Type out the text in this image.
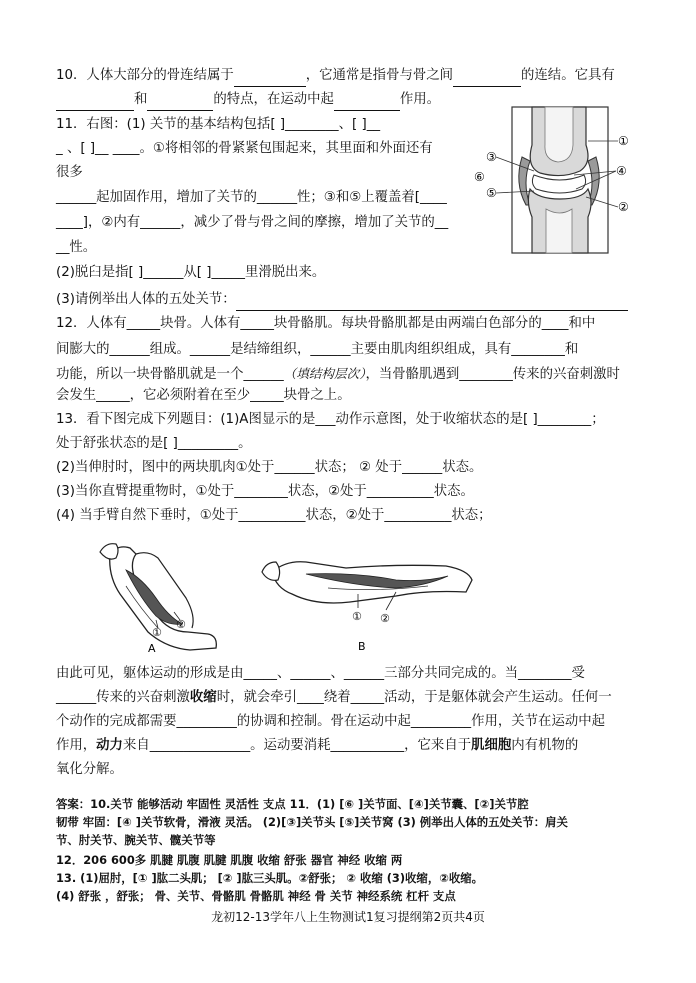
10．人体大部分的骨连结属于	，它通常是指骨与骨之间	的连结。它具有
和	的特点，在运动中起	作用。
11．右图：(1) 关节的基本结构包括[ ]________、[ ]__
_ 、[ ]__ ____。①将相邻的骨紧紧包围起来，其里面和外面还有
很多
______起加固作用，增加了关节的______性；③和⑤上覆盖着[____
____]，②内有______，减少了骨与骨之间的摩擦，增加了关节的__
__性。
(2)脱臼是指[ ]______从[ ]_____里滑脱出来。
(3)请例举出人体的五处关节：
①
③
④
⑥
⑤
②
12．人体有_____块骨。人体有_____块骨骼肌。每块骨骼肌都是由两端白色部分的____和中
间膨大的______组成。______是结缔组织，______主要由肌肉组织组成，具有________和
功能，所以一块骨骼肌就是一个______（填结构层次），当骨骼肌遇到________传来的兴奋刺激时
会发生_____，它必须附着在至少_____块骨之上。
13．看下图完成下列题目：(1)A图显示的是___动作示意图，处于收缩状态的是[ ]________；
处于舒张状态的是[ ]_________。
(2)当伸肘时，图中的两块肌肉①处于______状态； ② 处于______状态。
(3)当你直臂提重物时，①处于________状态，②处于__________状态。
(4) 当手臂自然下垂时，①处于__________状态，②处于__________状态；
①
②
A
① ②
B
由此可见，躯体运动的形成是由_____、______、______三部分共同完成的。当________受
______传来的兴奋刺激收缩时，就会牵引____绕着_____活动，于是躯体就会产生运动。任何一
个动作的完成都需要_________的协调和控制。骨在运动中起_________作用，关节在运动中起
作用，动力来自_______________。运动要消耗___________，它来自于肌细胞内有机物的
氧化分解。
答案：10.关节 能够活动 牢固性 灵活性 支点 11．(1) [⑥ ]关节面、[④]关节囊、[②]关节腔
韧带 牢固：[④ ]关节软骨，滑液 灵活。 (2)[③]关节头 [⑤]关节窝 (3) 例举出人体的五处关节：肩关
节、肘关节、腕关节、髋关节等
12．206 600多 肌腱 肌腹 肌腱 肌腹 收缩 舒张 器官 神经 收缩 两
13. (1)屈肘，[① ]肱二头肌； [② ]肱三头肌。②舒张； ② 收缩 (3)收缩，②收缩。
(4) 舒张 ，舒张； 骨、关节、骨骼肌 骨骼肌 神经 骨 关节 神经系统 杠杆 支点
龙初12-13学年八上生物测试1复习提纲第2页共4页
